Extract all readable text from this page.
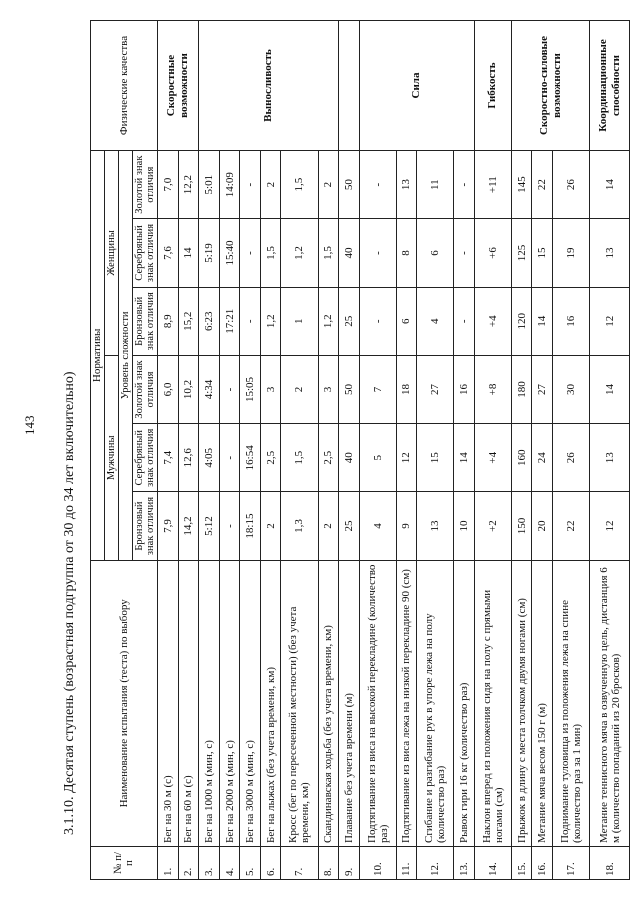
143 3.1.10. Десятая ступень (возрастная подгруппа от 30 до 34 лет включительно)
№ п/п	Наименование испытания (теста) по выбору	Нормативы						Физические качества
		Мужчины			Женщины			
		Уровень сложности						
		Бронзовый знак отличия	Серебряный знак отличия	Золотой знак отличия	Бронзовый знак отличия	Серебряный знак отличия	Золотой знак отличия	
1.	Бег на 30 м (с)	7,9	7,4	6,0	8,9	7,6	7,0	Скоростные возможности
2.	Бег на 60 м (с)	14,2	12,6	10,2	15,2	14	12,2	
3.	Бег на 1000 м (мин, с)	5:12	4:05	4:34	6:23	5:19	5:01	Выносливость
4.	Бег на 2000 м (мин, с)	-	-	-	17:21	15:40	14:09	
5.	Бег на 3000 м (мин, с)	18:15	16:54	15:05	-	-	-	
6.	Бег на лыжах (без учета времени, км)	2	2,5	3	1,2	1,5	2	
7.	Кросс (бег по пересеченной местности) (без учета времени, км)	1,3	1,5	2	1	1,2	1,5	
8.	Скандинавская ходьба (без учета времени, км)	2	2,5	3	1,2	1,5	2	
9.	Плавание без учета времени (м)	25	40	50	25	40	50	
10.	Подтягивание из виса на высокой перекладине (количество раз)	4	5	7	-	-	-	Сила
11.	Подтягивание из виса лежа на низкой перекладине 90 (см)	9	12	18	6	8	13	
12.	Сгибание и разгибание рук в упоре лежа на полу (количество раз)	13	15	27	4	6	11	
13.	Рывок гири 16 кг (количество раз)	10	14	16	-	-	-	
14.	Наклон вперед из положения сидя на полу с прямыми ногами (см)	+2	+4	+8	+4	+6	+11	Гибкость
15.	Прыжок в длину с места толчком двумя ногами (см)	150	160	180	120	125	145	Скоростно-силовые возможности
16.	Метание мяча весом 150 г (м)	20	24	27	14	15	22	
17.	Поднимание туловища из положения лежа на спине (количество раз за 1 мин)	22	26	30	16	19	26	
18.	Метание теннисного мяча в озвученную цель, дистанция 6 м (количество попаданий из 20 бросков)	12	13	14	12	13	14	Координационные способности
